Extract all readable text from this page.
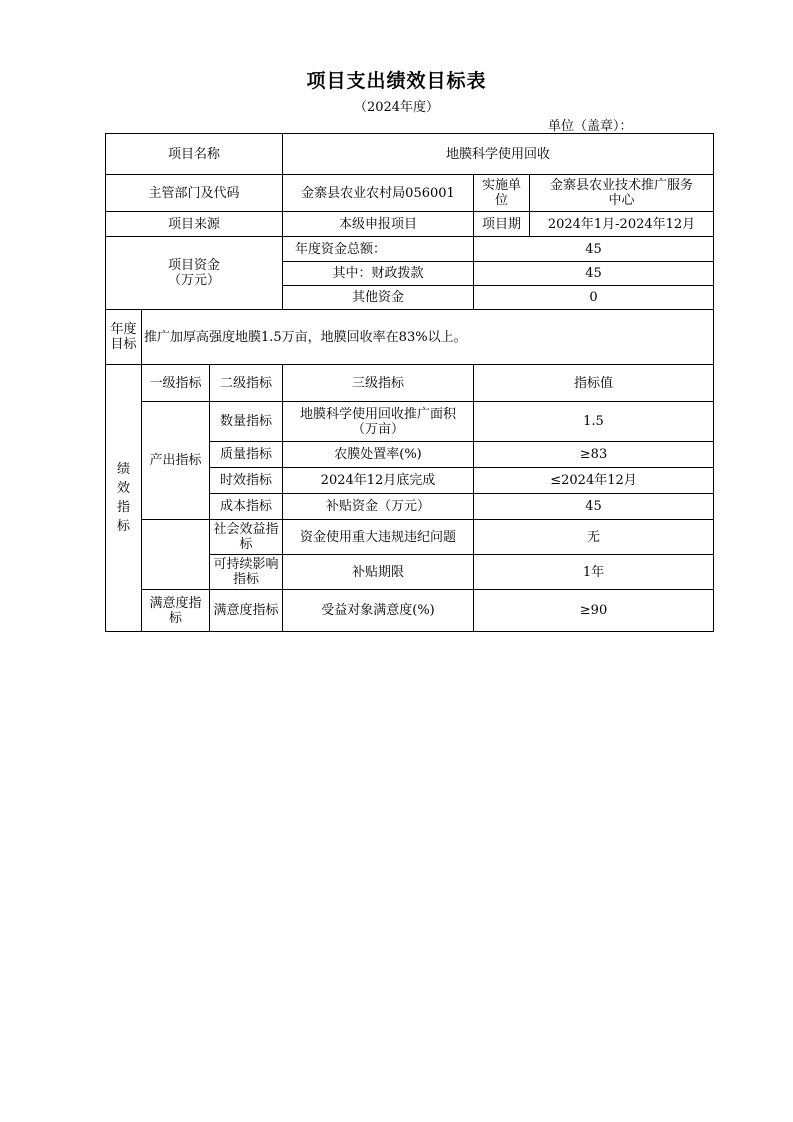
项目支出绩效目标表
（2024年度）
单位（盖章）：
项目名称			地膜科学使用回收		
主管部门及代码			金寨县农业农村局056001	实施单位	金寨县农业技术推广服务
中心

项目来源			本级申报项目	项目期	2024年1月-2024年12月

项目资金
（万元）			年度资金总额：	45	
			其中：财政拨款	45	
			其他资金	0	

年度
目标	推广加厚高强度地膜1.5万亩，地膜回收率在83%以上。				

绩
效
指
标	一级指标	二级指标	三级指标	指标值	
	产出指标	数量指标	地膜科学使用回收推广面积
（万亩）	1.5	
		质量指标	农膜处置率(%)	≥83	
		时效指标	2024年12月底完成	≤2024年12月	
		成本指标	补贴资金（万元）	45	

		社会效益指
标	资金使用重大违规违纪问题	无	

		可持续影响
指标	补贴期限	1年	

	满意度指
标	满意度指标	受益对象满意度(%)	≥90	
